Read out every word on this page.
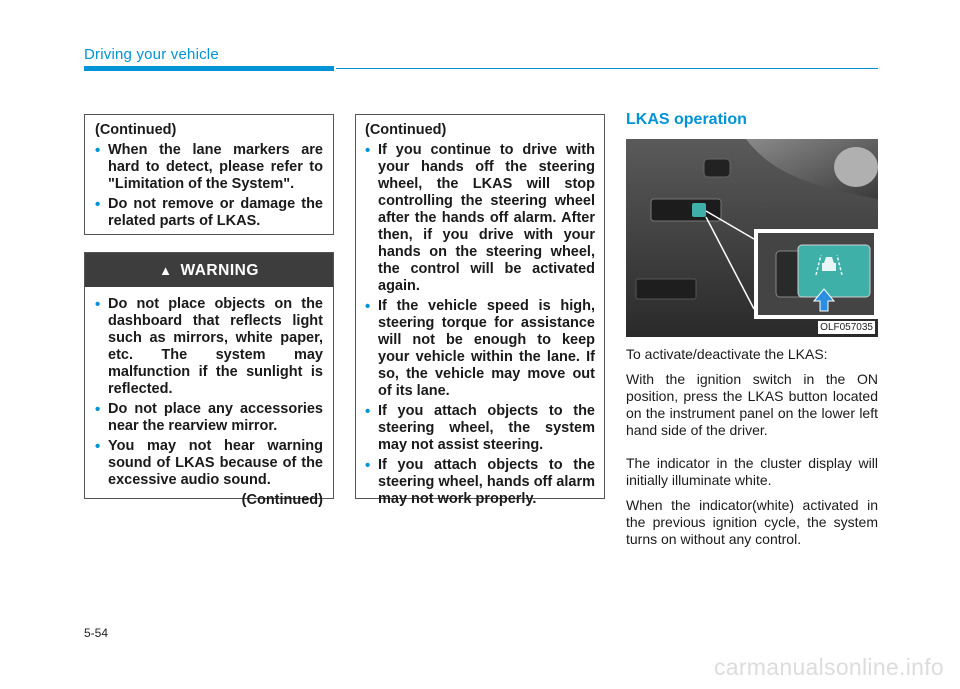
Driving your vehicle
(Continued)
• When the lane markers are hard to detect, please refer to "Limitation of the System".
• Do not remove or damage the related parts of LKAS.
▲ WARNING
• Do not place objects on the dashboard that reflects light such as mirrors, white paper, etc. The system may malfunction if the sunlight is reflected.
• Do not place any accessories near the rearview mirror.
• You may not hear warning sound of LKAS because of the excessive audio sound.
(Continued)
(Continued)
• If you continue to drive with your hands off the steering wheel, the LKAS will stop controlling the steering wheel after the hands off alarm. After then, if you drive with your hands on the steering wheel, the control will be activated again.
• If the vehicle speed is high, steering torque for assistance will not be enough to keep your vehicle within the lane. If so, the vehicle may move out of its lane.
• If you attach objects to the steering wheel, the system may not assist steering.
• If you attach objects to the steering wheel, hands off alarm may not work properly.
LKAS operation
OLF057035

To activate/deactivate the LKAS:

With the ignition switch in the ON position, press the LKAS button located on the instrument panel on the lower left hand side of the driver.

The indicator in the cluster display will initially illuminate white.

When the indicator(white) activated in the previous ignition cycle, the system turns on without any control.

5-54
carmanualsonline.info
